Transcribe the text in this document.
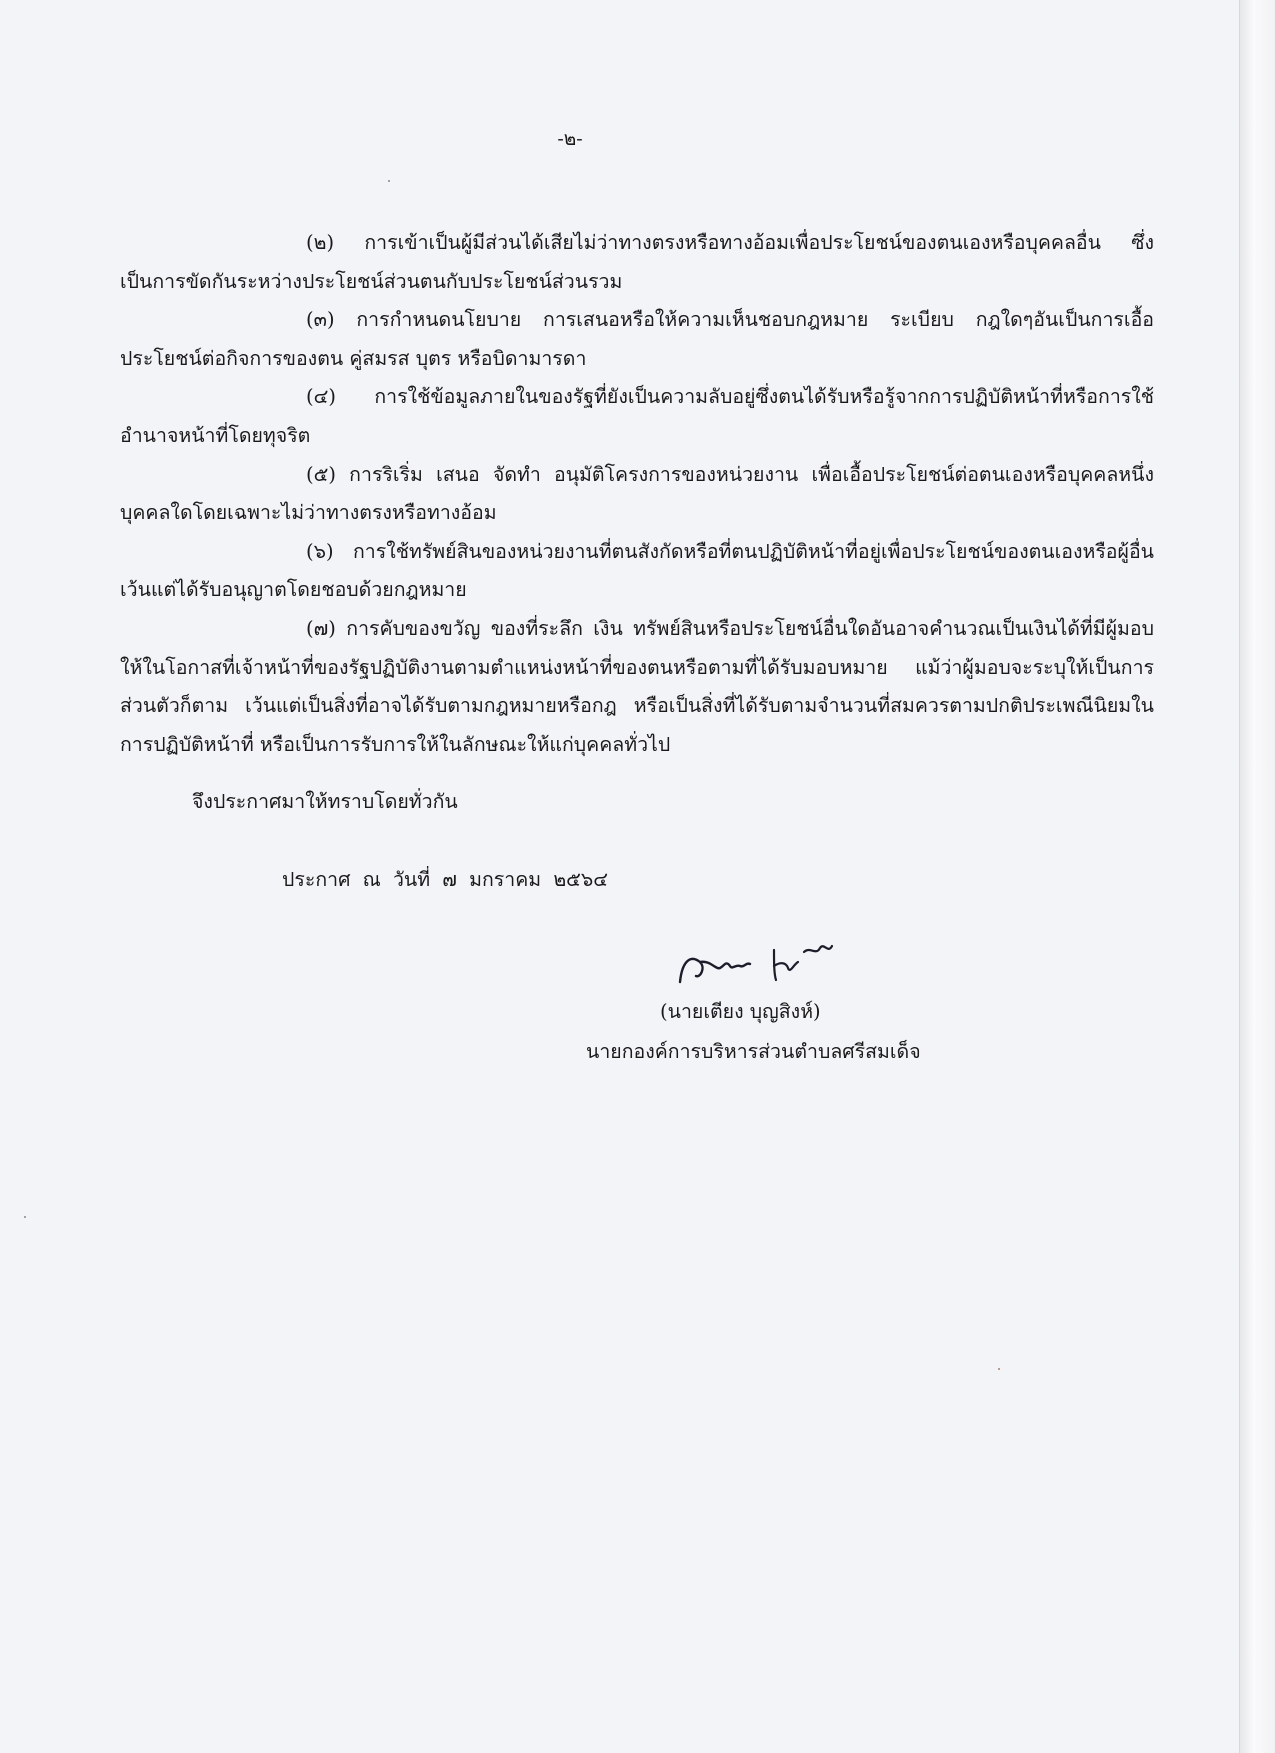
-๒-

(๒) การเข้าเป็นผู้มีส่วนได้เสียไม่ว่าทางตรงหรือทางอ้อมเพื่อประโยชน์ของตนเองหรือบุคคลอื่น ซึ่งเป็นการขัดกันระหว่างประโยชน์ส่วนตนกับประโยชน์ส่วนรวม

(๓) การกำหนดนโยบาย การเสนอหรือให้ความเห็นชอบกฎหมาย ระเบียบ กฎใดๆอันเป็นการเอื้อประโยชน์ต่อกิจการของตน คู่สมรส บุตร หรือบิดามารดา

(๔) การใช้ข้อมูลภายในของรัฐที่ยังเป็นความลับอยู่ซึ่งตนได้รับหรือรู้จากการปฏิบัติหน้าที่หรือการใช้อำนาจหน้าที่โดยทุจริต

(๕) การริเริ่ม เสนอ จัดทำ อนุมัติโครงการของหน่วยงาน เพื่อเอื้อประโยชน์ต่อตนเองหรือบุคคลหนึ่งบุคคลใดโดยเฉพาะไม่ว่าทางตรงหรือทางอ้อม

(๖) การใช้ทรัพย์สินของหน่วยงานที่ตนสังกัดหรือที่ตนปฏิบัติหน้าที่อยู่เพื่อประโยชน์ของตนเองหรือผู้อื่น เว้นแต่ได้รับอนุญาตโดยชอบด้วยกฎหมาย

(๗) การคับของขวัญ ของที่ระลึก เงิน ทรัพย์สินหรือประโยชน์อื่นใดอันอาจคำนวณเป็นเงินได้ที่มีผู้มอบให้ในโอกาสที่เจ้าหน้าที่ของรัฐปฏิบัติงานตามตำแหน่งหน้าที่ของตนหรือตามที่ได้รับมอบหมาย แม้ว่าผู้มอบจะระบุให้เป็นการส่วนตัวก็ตาม เว้นแต่เป็นสิ่งที่อาจได้รับตามกฎหมายหรือกฎ หรือเป็นสิ่งที่ได้รับตามจำนวนที่สมควรตามปกติประเพณีนิยมในการปฏิบัติหน้าที่ หรือเป็นการรับการให้ในลักษณะให้แก่บุคคลทั่วไป

จึงประกาศมาให้ทราบโดยทั่วกัน
ประกาศ ณ วันที่ ๗ มกราคม ๒๕๖๔
(นายเตียง บุญสิงห์)
นายกองค์การบริหารส่วนตำบลศรีสมเด็จ
